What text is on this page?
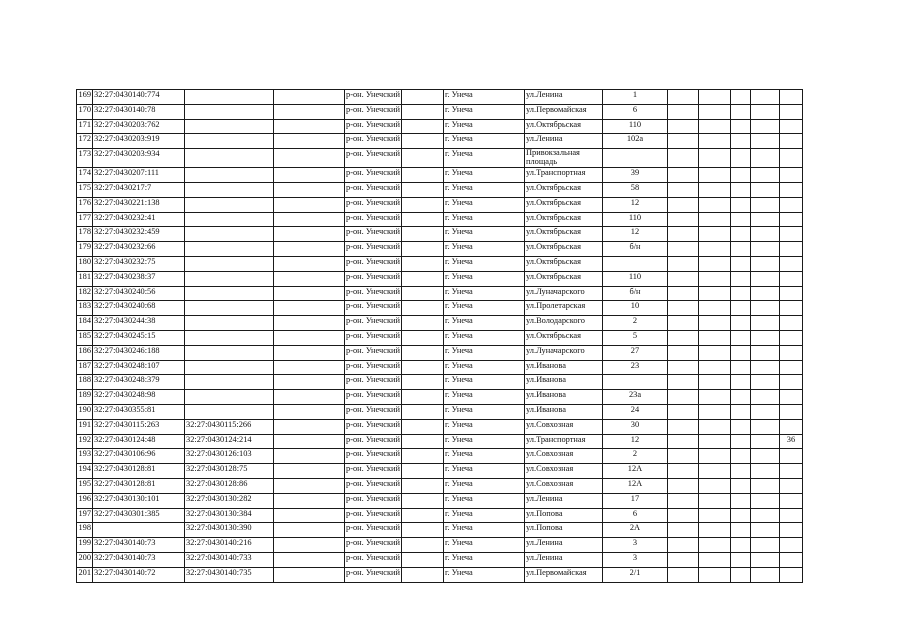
169	32:27:0430140:774			р-он. Унечский		г. Унеча	ул.Ленина	1					
170	32:27:0430140:78			р-он. Унечский		г. Унеча	ул.Первомайская	6					
171	32:27:0430203:762			р-он. Унечский		г. Унеча	ул.Октябрьская	110					
172	32:27:0430203:919			р-он. Унечский		г. Унеча	ул.Ленина	102а					
173	32:27:0430203:934			р-он. Унечский		г. Унеча	Привокзальная площадь						
174	32:27:0430207:111			р-он. Унечский		г. Унеча	ул.Транспортная	39					
175	32:27:0430217:7			р-он. Унечский		г. Унеча	ул.Октябрьская	58					
176	32:27:0430221:138			р-он. Унечский		г. Унеча	ул.Октябрьская	12					
177	32:27:0430232:41			р-он. Унечский		г. Унеча	ул.Октябрьская	110					
178	32:27:0430232:459			р-он. Унечский		г. Унеча	ул.Октябрьская	12					
179	32:27:0430232:66			р-он. Унечский		г. Унеча	ул.Октябрьская	б/н					
180	32:27:0430232:75			р-он. Унечский		г. Унеча	ул.Октябрьская						
181	32:27:0430238:37			р-он. Унечский		г. Унеча	ул.Октябрьская	110					
182	32:27:0430240:56			р-он. Унечский		г. Унеча	ул.Луначарского	б/н					
183	32:27:0430240:68			р-он. Унечский		г. Унеча	ул.Пролетарская	10					
184	32:27:0430244:38			р-он. Унечский		г. Унеча	ул.Володарского	2					
185	32:27:0430245:15			р-он. Унечский		г. Унеча	ул.Октябрьская	5					
186	32:27:0430246:188			р-он. Унечский		г. Унеча	ул.Луначарского	27					
187	32:27:0430248:107			р-он. Унечский		г. Унеча	ул.Иванова	23					
188	32:27:0430248:379			р-он. Унечский		г. Унеча	ул.Иванова						
189	32:27:0430248:98			р-он. Унечский		г. Унеча	ул.Иванова	23а					
190	32:27:0430355:81			р-он. Унечский		г. Унеча	ул.Иванова	24					
191	32:27:0430115:263	32:27:0430115:266		р-он. Унечский		г. Унеча	ул.Совхозная	30					
192	32:27:0430124:48	32:27:0430124:214		р-он. Унечский		г. Унеча	ул.Транспортная	12					36
193	32:27:0430106:96	32:27:0430126:103		р-он. Унечский		г. Унеча	ул.Совхозная	2					
194	32:27:0430128:81	32:27:0430128:75		р-он. Унечский		г. Унеча	ул.Совхозная	12А					
195	32:27:0430128:81	32:27:0430128:86		р-он. Унечский		г. Унеча	ул.Совхозная	12А					
196	32:27:0430130:101	32:27:0430130:282		р-он. Унечский		г. Унеча	ул.Ленина	17					
197	32:27:0430301:385	32:27:0430130:384		р-он. Унечский		г. Унеча	ул.Попова	6					
198		32:27:0430130:390		р-он. Унечский		г. Унеча	ул.Попова	2А					
199	32:27:0430140:73	32:27:0430140:216		р-он. Унечский		г. Унеча	ул.Ленина	3					
200	32:27:0430140:73	32:27:0430140:733		р-он. Унечский		г. Унеча	ул.Ленина	3					
201	32:27:0430140:72	32:27:0430140:735		р-он. Унечский		г. Унеча	ул.Первомайская	2/1					
